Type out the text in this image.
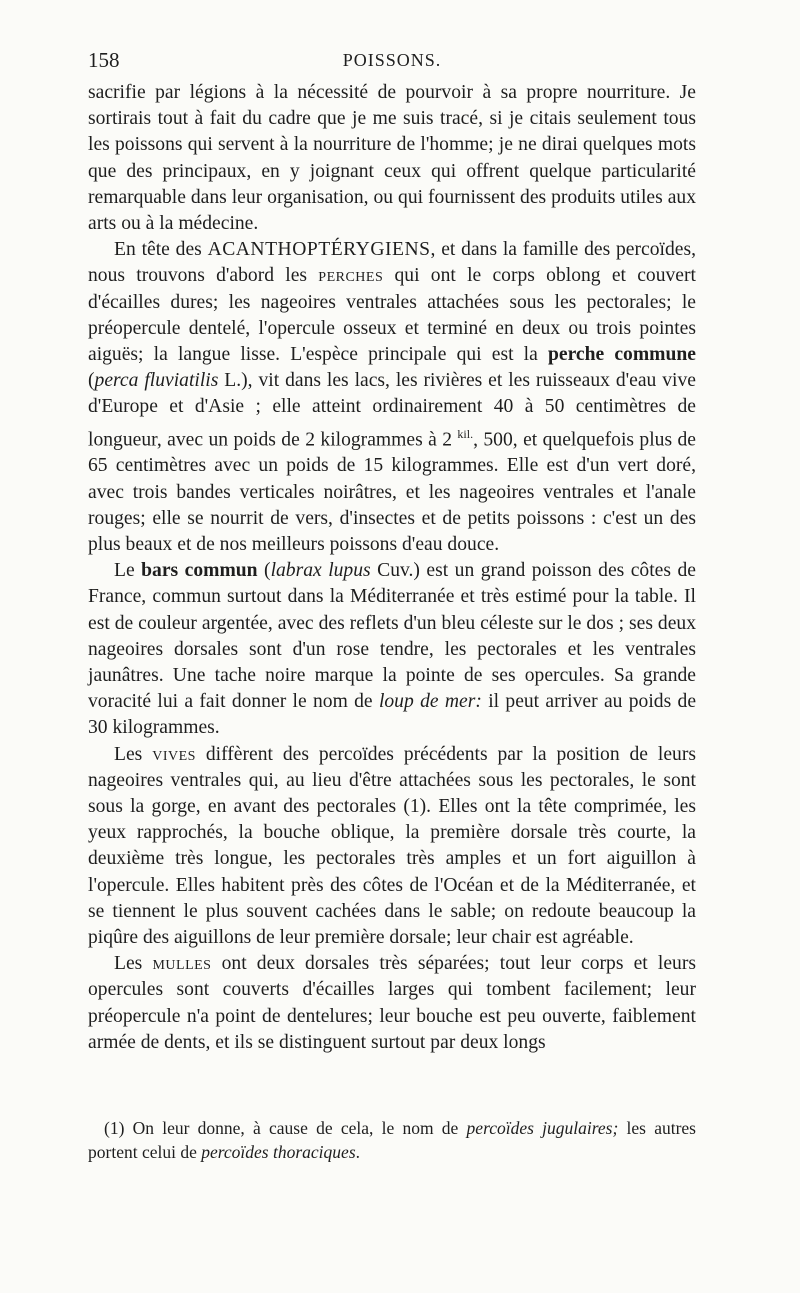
158	POISSONS.

sacrifie par légions à la nécessité de pourvoir à sa propre nourriture. Je sortirais tout à fait du cadre que je me suis tracé, si je citais seulement tous les poissons qui servent à la nourriture de l'homme; je ne dirai quelques mots que des principaux, en y joignant ceux qui offrent quelque particularité remarquable dans leur organisation, ou qui fournissent des produits utiles aux arts ou à la médecine.

En tête des ACANTHOPTÉRYGIENS, et dans la famille des percoïdes, nous trouvons d'abord les perches qui ont le corps oblong et couvert d'écailles dures; les nageoires ventrales attachées sous les pectorales; le préopercule dentelé, l'opercule osseux et terminé en deux ou trois pointes aiguës; la langue lisse. L'espèce principale qui est la perche commune (perca fluviatilis L.), vit dans les lacs, les rivières et les ruisseaux d'eau vive d'Europe et d'Asie ; elle atteint ordinairement 40 à 50 centimètres de longueur, avec un poids de 2 kilogrammes à 2 $^{kil.}$, 500, et quelquefois plus de 65 centimètres avec un poids de 15 kilogrammes. Elle est d'un vert doré, avec trois bandes verticales noirâtres, et les nageoires ventrales et l'anale rouges; elle se nourrit de vers, d'insectes et de petits poissons : c'est un des plus beaux et de nos meilleurs poissons d'eau douce.

Le bars commun (labrax lupus Cuv.) est un grand poisson des côtes de France, commun surtout dans la Méditerranée et très estimé pour la table. Il est de couleur argentée, avec des reflets d'un bleu céleste sur le dos ; ses deux nageoires dorsales sont d'un rose tendre, les pectorales et les ventrales jaunâtres. Une tache noire marque la pointe de ses opercules. Sa grande voracité lui a fait donner le nom de loup de mer: il peut arriver au poids de 30 kilogrammes.

Les vives diffèrent des percoïdes précédents par la position de leurs nageoires ventrales qui, au lieu d'être attachées sous les pectorales, le sont sous la gorge, en avant des pectorales (1). Elles ont la tête comprimée, les yeux rapprochés, la bouche oblique, la première dorsale très courte, la deuxième très longue, les pectorales très amples et un fort aiguillon à l'opercule. Elles habitent près des côtes de l'Océan et de la Méditerranée, et se tiennent le plus souvent cachées dans le sable; on redoute beaucoup la piqûre des aiguillons de leur première dorsale; leur chair est agréable.

Les mulles ont deux dorsales très séparées; tout leur corps et leurs opercules sont couverts d'écailles larges qui tombent facilement; leur préopercule n'a point de dentelures; leur bouche est peu ouverte, faiblement armée de dents, et ils se distinguent surtout par deux longs

(1) On leur donne, à cause de cela, le nom de percoïdes jugulaires; les autres portent celui de percoïdes thoraciques.
